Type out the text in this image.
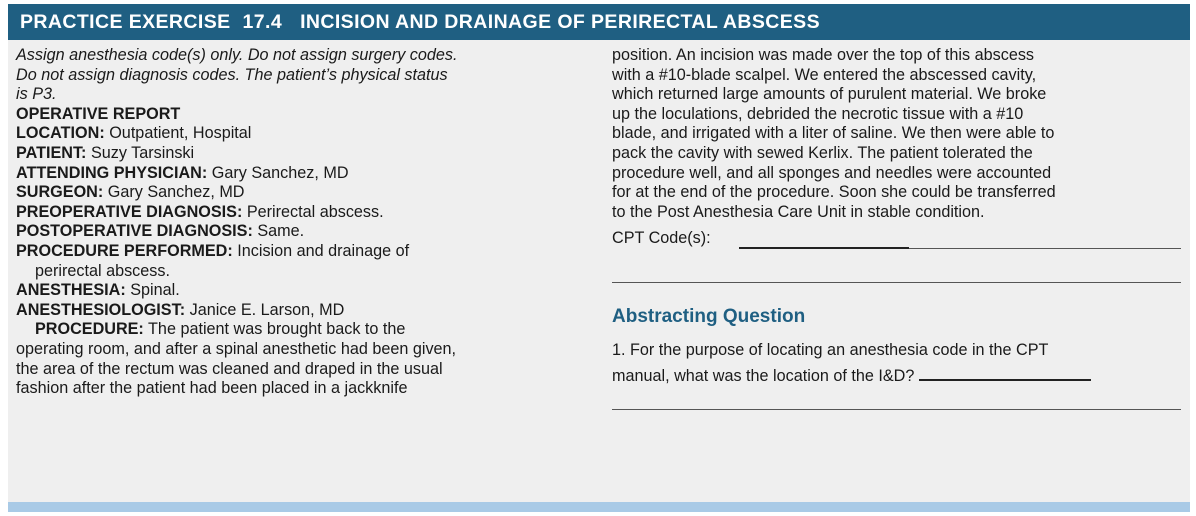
PRACTICE EXERCISE 17.4 INCISION AND DRAINAGE OF PERIRECTAL ABSCESS
Assign anesthesia code(s) only. Do not assign surgery codes.
Do not assign diagnosis codes. The patient’s physical status
is P3.
OPERATIVE REPORT
LOCATION: Outpatient, Hospital
PATIENT: Suzy Tarsinski
ATTENDING PHYSICIAN: Gary Sanchez, MD
SURGEON: Gary Sanchez, MD
PREOPERATIVE DIAGNOSIS: Perirectal abscess.
POSTOPERATIVE DIAGNOSIS: Same.
PROCEDURE PERFORMED: Incision and drainage of
perirectal abscess.
ANESTHESIA: Spinal.
ANESTHESIOLOGIST: Janice E. Larson, MD
PROCEDURE: The patient was brought back to the
operating room, and after a spinal anesthetic had been given,
the area of the rectum was cleaned and draped in the usual
fashion after the patient had been placed in a jackknife
position. An incision was made over the top of this abscess
with a #10-blade scalpel. We entered the abscessed cavity,
which returned large amounts of purulent material. We broke
up the loculations, debrided the necrotic tissue with a #10
blade, and irrigated with a liter of saline. We then were able to
pack the cavity with sewed Kerlix. The patient tolerated the
procedure well, and all sponges and needles were accounted
for at the end of the procedure. Soon she could be transferred
to the Post Anesthesia Care Unit in stable condition.
CPT Code(s):
Abstracting Question
1. For the purpose of locating an anesthesia code in the CPT
manual, what was the location of the I&D?
